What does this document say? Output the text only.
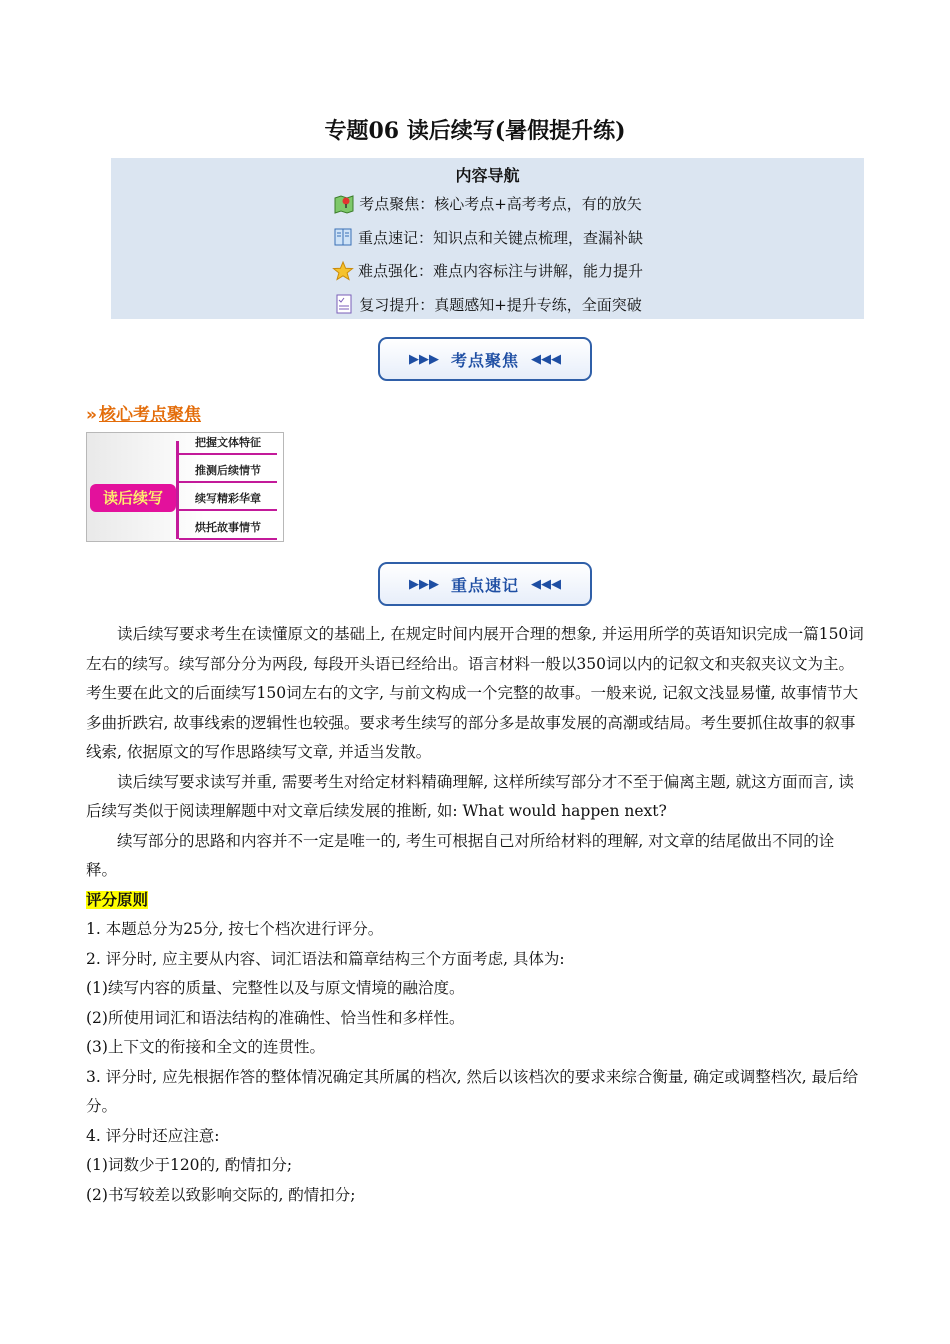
专题06 读后续写(暑假提升练)
内容导航
考点聚焦：核心考点+高考考点，有的放矢
重点速记：知识点和关键点梳理，查漏补缺
难点强化：难点内容标注与讲解，能力提升
复习提升：真题感知+提升专练，全面突破
▶▶▶ 考点聚焦 ◀◀◀
» 核心考点聚焦
读后续写
把握文体特征
推测后续情节
续写精彩华章
烘托故事情节
▶▶▶ 重点速记 ◀◀◀

读后续写要求考生在读懂原文的基础上, 在规定时间内展开合理的想象, 并运用所学的英语知识完成一篇150词左右的续写。续写部分分为两段, 每段开头语已经给出。语言材料一般以350词以内的记叙文和夹叙夹议文为主。考生要在此文的后面续写150词左右的文字, 与前文构成一个完整的故事。一般来说, 记叙文浅显易懂, 故事情节大多曲折跌宕, 故事线索的逻辑性也较强。要求考生续写的部分多是故事发展的高潮或结局。考生要抓住故事的叙事线索, 依据原文的写作思路续写文章, 并适当发散。

读后续写要求读写并重, 需要考生对给定材料精确理解, 这样所续写部分才不至于偏离主题, 就这方面而言, 读后续写类似于阅读理解题中对文章后续发展的推断, 如: What would happen next?

续写部分的思路和内容并不一定是唯一的, 考生可根据自己对所给材料的理解, 对文章的结尾做出不同的诠释。

评分原则

1. 本题总分为25分, 按七个档次进行评分。

2. 评分时, 应主要从内容、词汇语法和篇章结构三个方面考虑, 具体为:

(1)续写内容的质量、完整性以及与原文情境的融洽度。

(2)所使用词汇和语法结构的准确性、恰当性和多样性。

(3)上下文的衔接和全文的连贯性。

3. 评分时, 应先根据作答的整体情况确定其所属的档次, 然后以该档次的要求来综合衡量, 确定或调整档次, 最后给分。

4. 评分时还应注意:

(1)词数少于120的, 酌情扣分;

(2)书写较差以致影响交际的, 酌情扣分;
